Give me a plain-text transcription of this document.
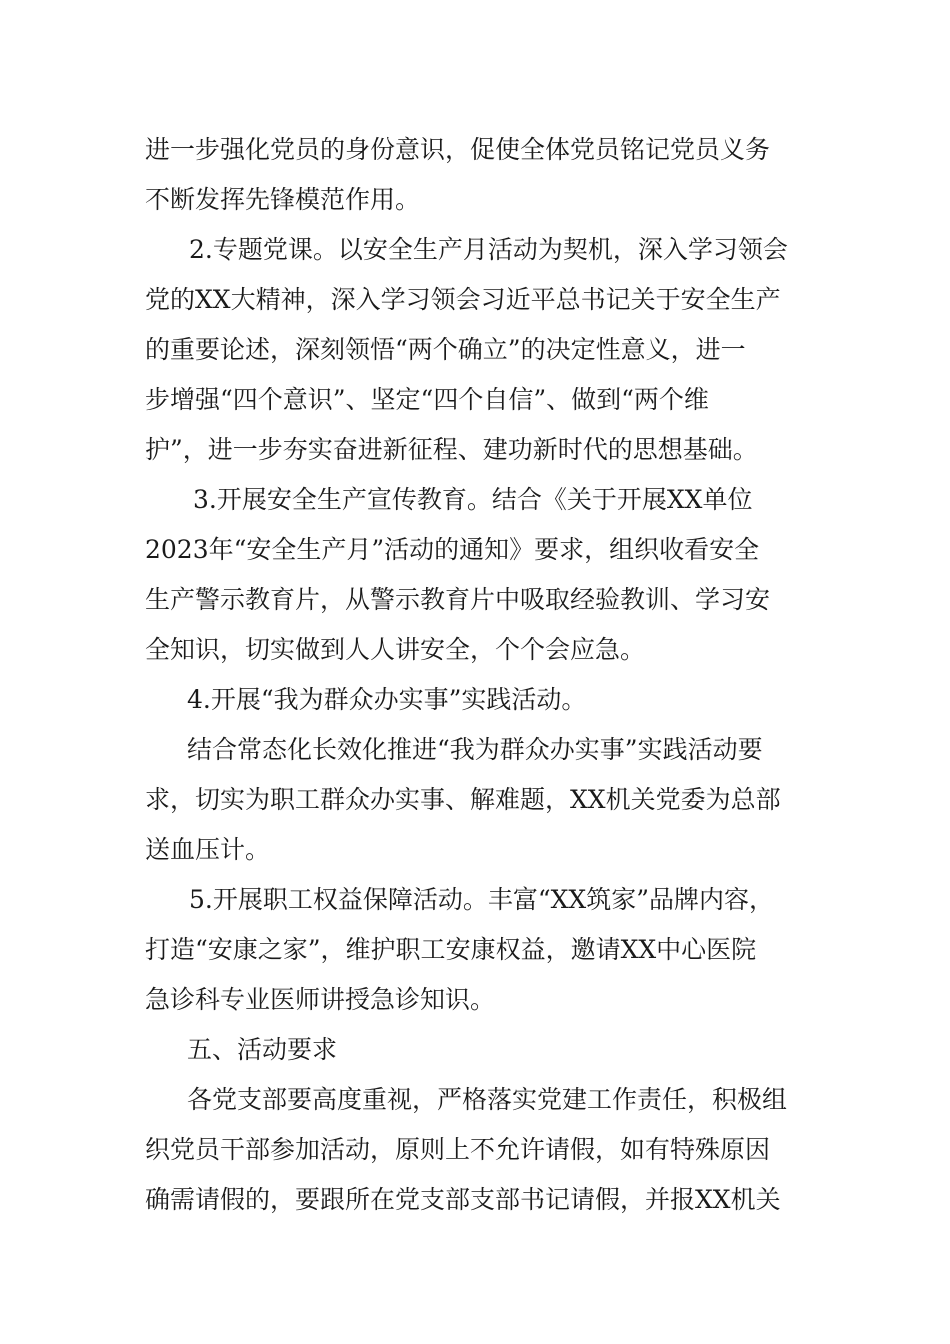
进一步强化党员的身份意识，促使全体党员铭记党员义务
不断发挥先锋模范作用。
2.专题党课。以安全生产月活动为契机，深入学习领会
党的XX大精神，深入学习领会习近平总书记关于安全生产
的重要论述，深刻领悟“两个确立”的决定性意义，进一
步增强“四个意识”、坚定“四个自信”、做到“两个维
护”，进一步夯实奋进新征程、建功新时代的思想基础。
3.开展安全生产宣传教育。结合《关于开展XX单位
2023年“安全生产月”活动的通知》要求，组织收看安全
生产警示教育片，从警示教育片中吸取经验教训、学习安
全知识，切实做到人人讲安全，个个会应急。
4.开展“我为群众办实事”实践活动。
结合常态化长效化推进“我为群众办实事”实践活动要
求，切实为职工群众办实事、解难题，XX机关党委为总部
送血压计。
5.开展职工权益保障活动。丰富“XX筑家”品牌内容，
打造“安康之家”，维护职工安康权益，邀请XX中心医院
急诊科专业医师讲授急诊知识。
五、活动要求
各党支部要高度重视，严格落实党建工作责任，积极组
织党员干部参加活动，原则上不允许请假，如有特殊原因
确需请假的，要跟所在党支部支部书记请假，并报XX机关
